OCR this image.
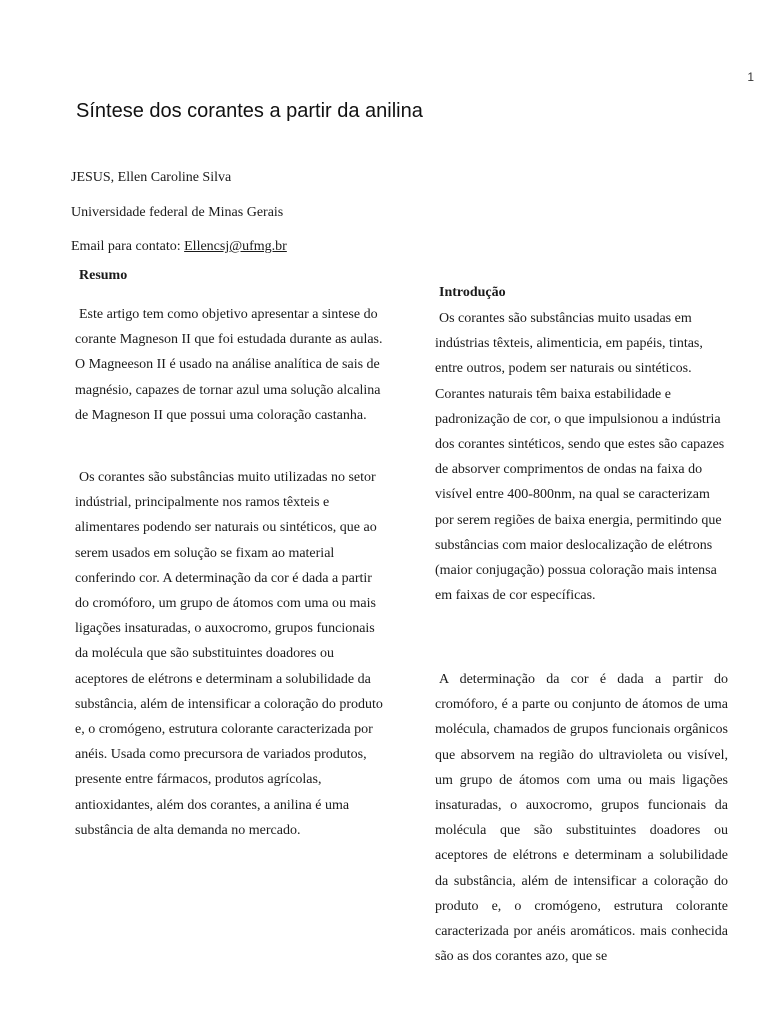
1
Síntese dos corantes a partir da anilina
JESUS, Ellen Caroline Silva
Universidade federal de Minas Gerais
Email para contato: Ellencsj@ufmg.br
Resumo

Este artigo tem como objetivo apresentar a sintese do corante Magneson II que foi estudada durante as aulas. O Magneeson II é usado na análise analítica de sais de magnésio, capazes de tornar azul uma solução alcalina de Magneson II que possui uma coloração castanha.

Os corantes são substâncias muito utilizadas no setor indústrial, principalmente nos ramos têxteis e alimentares podendo ser naturais ou sintéticos, que ao serem usados em solução se fixam ao material conferindo cor. A determinação da cor é dada a partir do cromóforo, um grupo de átomos com uma ou mais ligações insaturadas, o auxocromo, grupos funcionais da molécula que são substituintes doadores ou aceptores de elétrons e determinam a solubilidade da substância, além de intensificar a coloração do produto e, o cromógeno, estrutura colorante caracterizada por anéis. Usada como precursora de variados produtos, presente entre fármacos, produtos agrícolas, antioxidantes, além dos corantes, a anilina é uma substância de alta demanda no mercado.

Introdução

Os corantes são substâncias muito usadas em indústrias têxteis, alimenticia, em papéis, tintas, entre outros, podem ser naturais ou sintéticos. Corantes naturais têm baixa estabilidade e padronização de cor, o que impulsionou a indústria dos corantes sintéticos, sendo que estes são capazes de absorver comprimentos de ondas na faixa do visível entre 400-800nm, na qual se caracterizam por serem regiões de baixa energia, permitindo que substâncias com maior deslocalização de elétrons (maior conjugação) possua coloração mais intensa em faixas de cor específicas.

A determinação da cor é dada a partir do cromóforo, é a parte ou conjunto de átomos de uma molécula, chamados de grupos funcionais orgânicos que absorvem na região do ultravioleta ou visível, um grupo de átomos com uma ou mais ligações insaturadas, o auxocromo, grupos funcionais da molécula que são substituintes doadores ou aceptores de elétrons e determinam a solubilidade da substância, além de intensificar a coloração do produto e, o cromógeno, estrutura colorante caracterizada por anéis aromáticos. mais conhecida são as dos corantes azo, que se
